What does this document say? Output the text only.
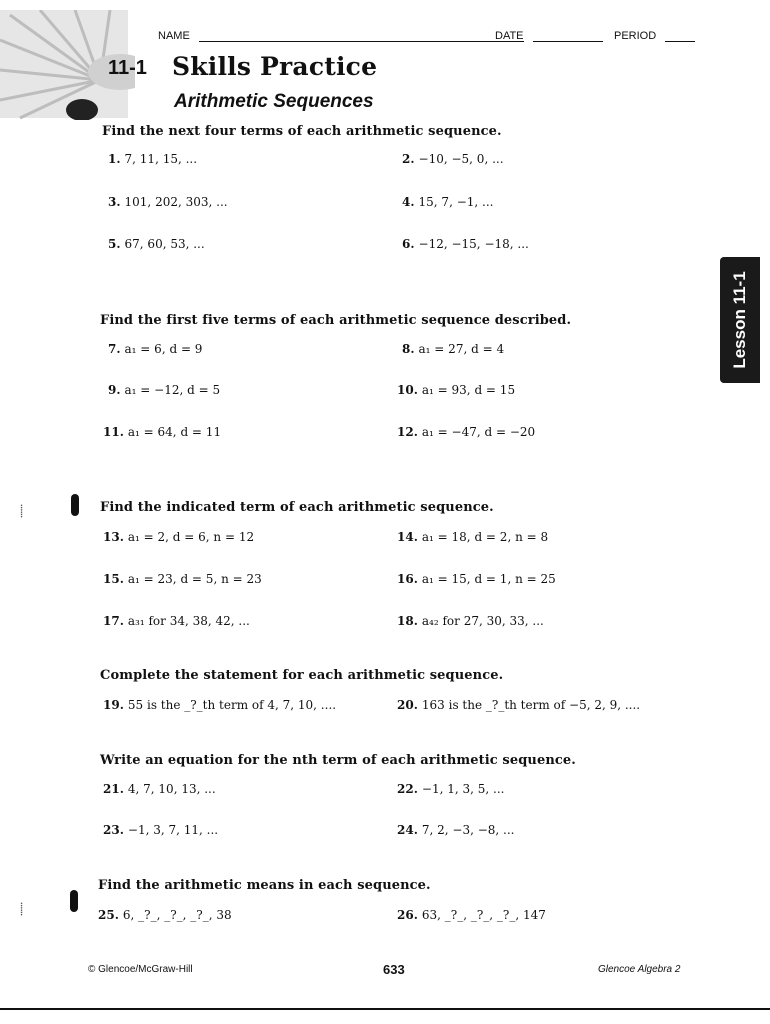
NAME	DATE	PERIOD
11-1 Skills Practice
Arithmetic Sequences
Lesson 11-1
Find the next four terms of each arithmetic sequence.
1. 7, 11, 15, ...	2. −10, −5, 0, ...
3. 101, 202, 303, ...	4. 15, 7, −1, ...
5. 67, 60, 53, ...	6. −12, −15, −18, ...
Find the first five terms of each arithmetic sequence described.
7. a₁ = 6, d = 9	8. a₁ = 27, d = 4
9. a₁ = −12, d = 5	10. a₁ = 93, d = 15
11. a₁ = 64, d = 11	12. a₁ = −47, d = −20
⸽	Find the indicated term of each arithmetic sequence.
13. a₁ = 2, d = 6, n = 12	14. a₁ = 18, d = 2, n = 8
15. a₁ = 23, d = 5, n = 23	16. a₁ = 15, d = 1, n = 25
17. a₃₁ for 34, 38, 42, ...	18. a₄₂ for 27, 30, 33, ...
Complete the statement for each arithmetic sequence.
19. 55 is the _?_th term of 4, 7, 10, ....	20. 163 is the _?_th term of −5, 2, 9, ....
Write an equation for the nth term of each arithmetic sequence.
21. 4, 7, 10, 13, ...	22. −1, 1, 3, 5, ...
23. −1, 3, 7, 11, ...	24. 7, 2, −3, −8, ...
⸽
Find the arithmetic means in each sequence.
25. 6, _?_, _?_, _?_, 38	26. 63, _?_, _?_, _?_, 147
© Glencoe/McGraw-Hill	633	Glencoe Algebra 2
